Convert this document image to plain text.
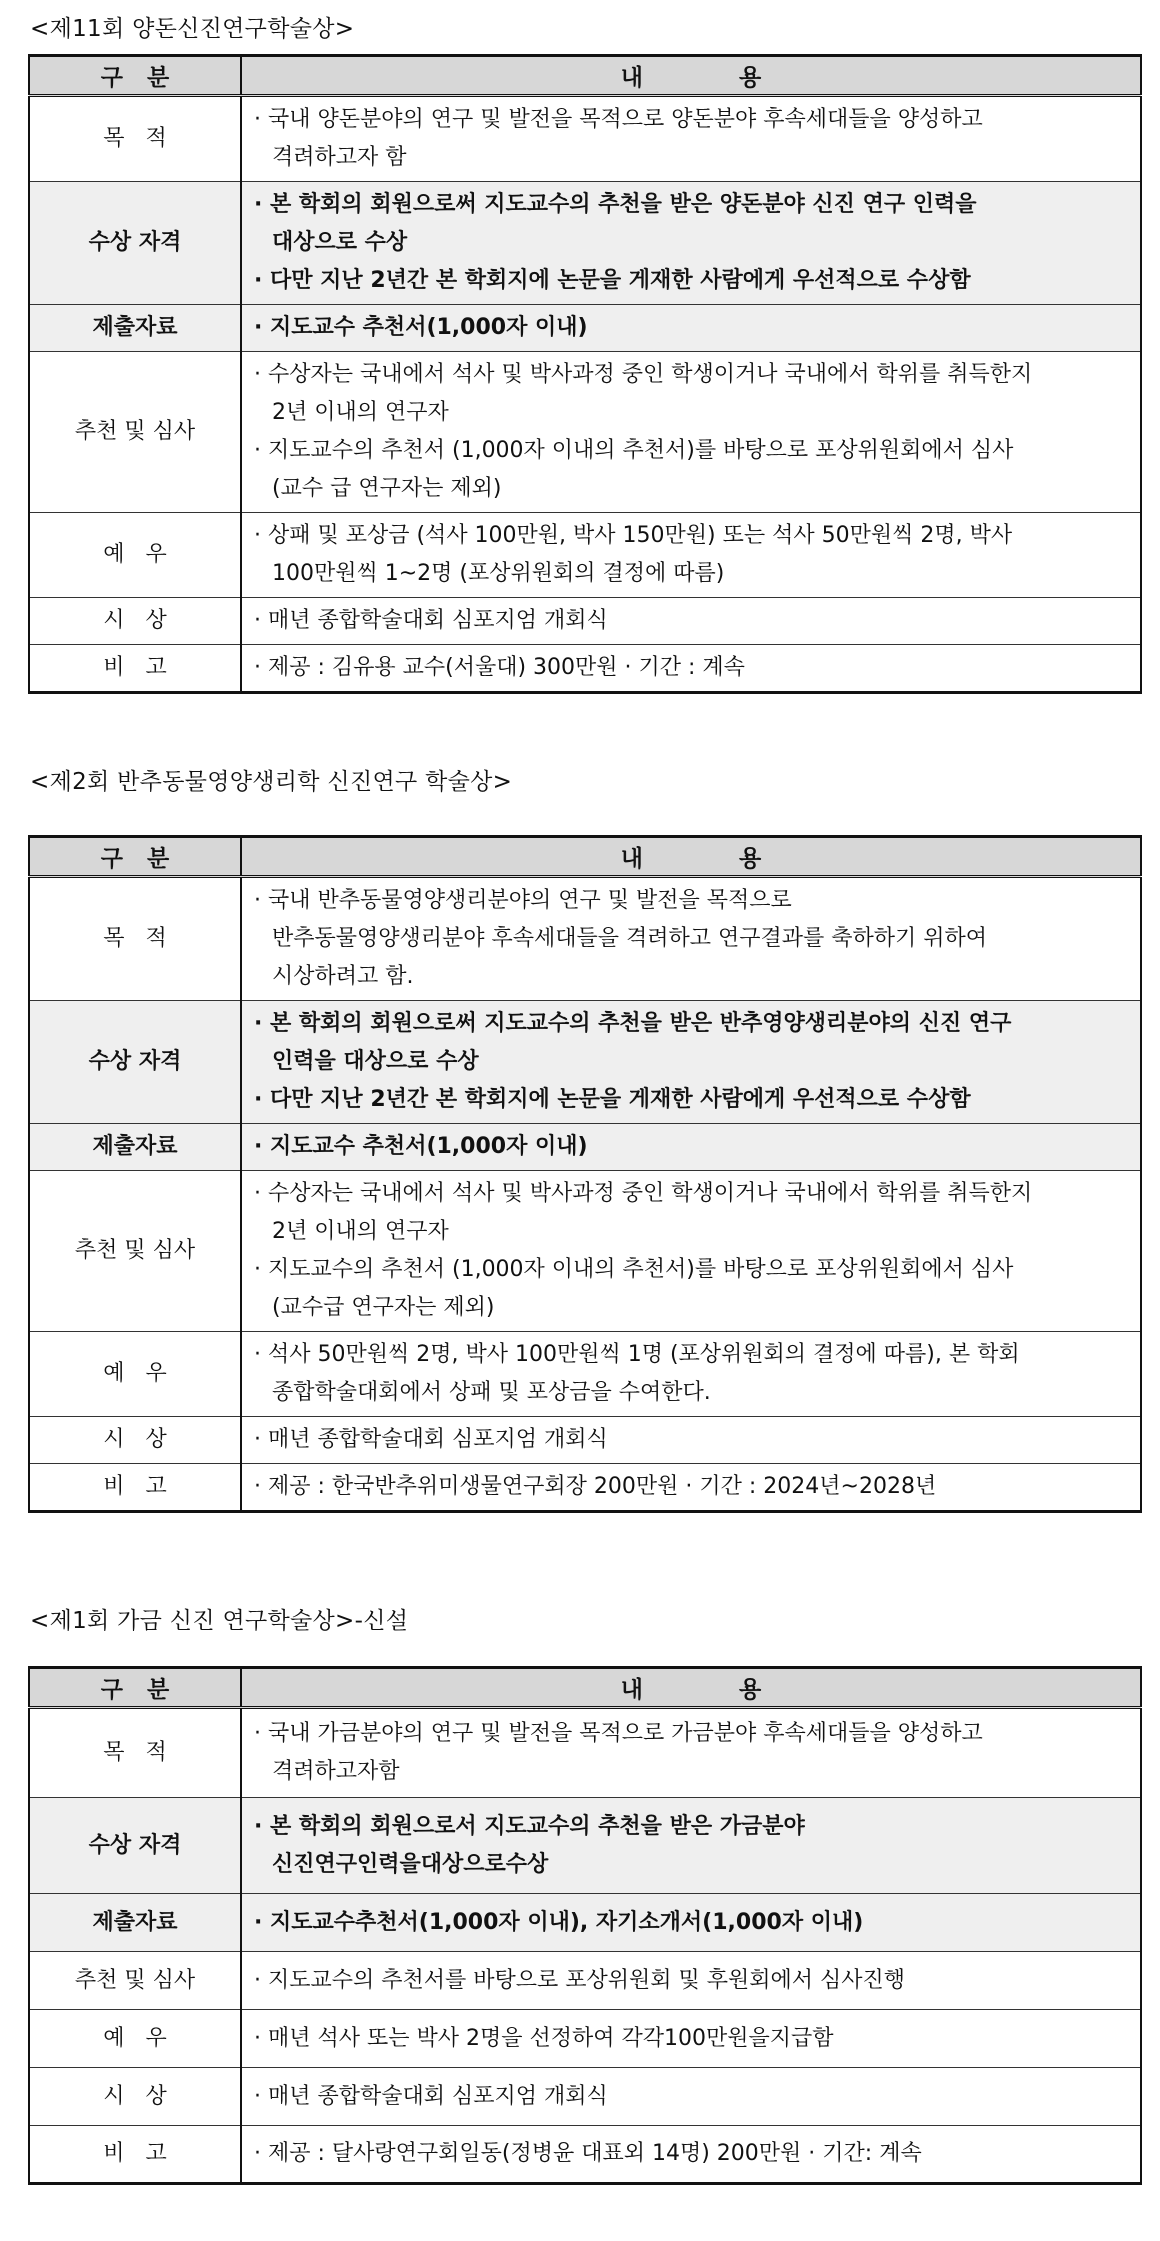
<제11회 양돈신진연구학술상>
구   분	내            용
목   적	· 국내 양돈분야의 연구 및 발전을 목적으로 양돈분야 후속세대들을 양성하고
격려하고자 함

수상 자격	· 본 학회의 회원으로써 지도교수의 추천을 받은 양돈분야 신진 연구 인력을
대상으로 수상
· 다만 지난 2년간 본 학회지에 논문을 게재한 사람에게 우선적으로 수상함

제출자료	· 지도교수 추천서(1,000자 이내)

추천 및 심사	· 수상자는 국내에서 석사 및 박사과정 중인 학생이거나 국내에서 학위를 취득한지
2년 이내의 연구자
· 지도교수의 추천서 (1,000자 이내의 추천서)를 바탕으로 포상위원회에서 심사
(교수 급 연구자는 제외)

예   우	· 상패 및 포상금 (석사 100만원, 박사 150만원) 또는 석사 50만원씩 2명, 박사
100만원씩 1~2명 (포상위원회의 결정에 따름)

시   상	· 매년 종합학술대회 심포지엄 개회식

비   고	· 제공 : 김유용 교수(서울대) 300만원 · 기간 : 계속
<제2회 반추동물영양생리학 신진연구 학술상>
구   분	내            용
목   적	· 국내 반추동물영양생리분야의 연구 및 발전을 목적으로
반추동물영양생리분야 후속세대들을 격려하고 연구결과를 축하하기 위하여
시상하려고 함.

수상 자격	· 본 학회의 회원으로써 지도교수의 추천을 받은 반추영양생리분야의 신진 연구
인력을 대상으로 수상
· 다만 지난 2년간 본 학회지에 논문을 게재한 사람에게 우선적으로 수상함

제출자료	· 지도교수 추천서(1,000자 이내)

추천 및 심사	· 수상자는 국내에서 석사 및 박사과정 중인 학생이거나 국내에서 학위를 취득한지
2년 이내의 연구자
· 지도교수의 추천서 (1,000자 이내의 추천서)를 바탕으로 포상위원회에서 심사
(교수급 연구자는 제외)

예   우	· 석사 50만원씩 2명, 박사 100만원씩 1명 (포상위원회의 결정에 따름), 본 학회
종합학술대회에서 상패 및 포상금을 수여한다.

시   상	· 매년 종합학술대회 심포지엄 개회식

비   고	· 제공 : 한국반추위미생물연구회장 200만원 · 기간 : 2024년~2028년
<제1회 가금 신진 연구학술상>-신설
구   분	내            용
목   적	· 국내 가금분야의 연구 및 발전을 목적으로 가금분야 후속세대들을 양성하고
격려하고자함

수상 자격	· 본 학회의 회원으로서 지도교수의 추천을 받은 가금분야
신진연구인력을대상으로수상

제출자료	· 지도교수추천서(1,000자 이내), 자기소개서(1,000자 이내)

추천 및 심사	· 지도교수의 추천서를 바탕으로 포상위원회 및 후원회에서 심사진행

예   우	· 매년 석사 또는 박사 2명을 선정하여 각각100만원을지급함

시   상	· 매년 종합학술대회 심포지엄 개회식

비   고	· 제공 : 달사랑연구회일동(정병윤 대표외 14명) 200만원 · 기간: 계속
